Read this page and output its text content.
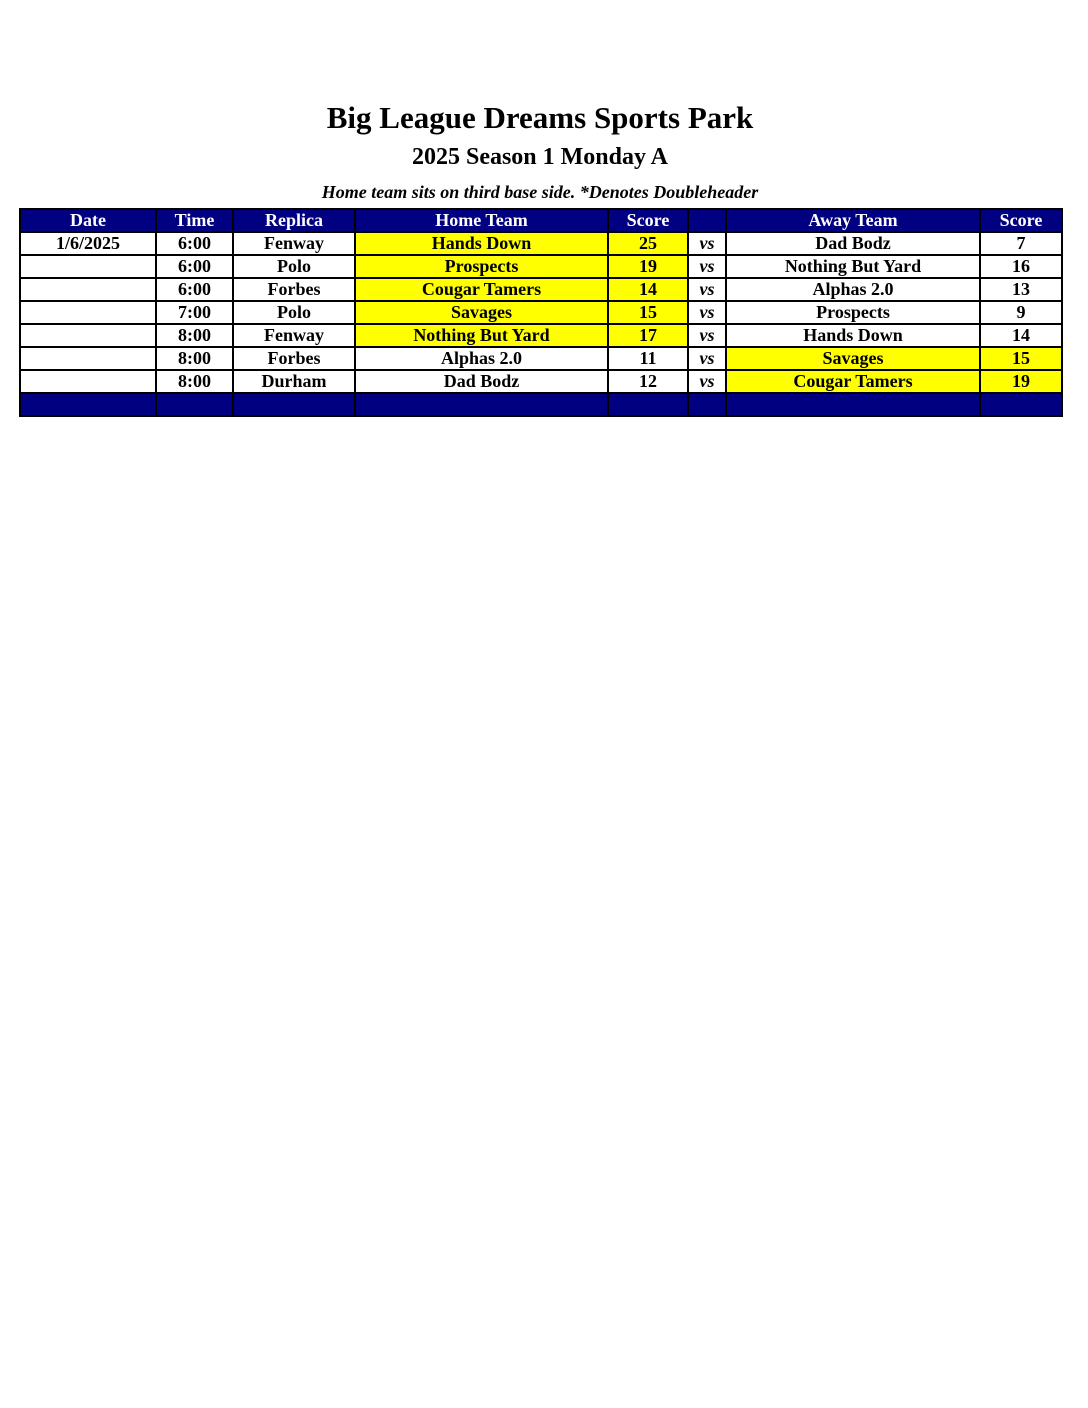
Big League Dreams Sports Park
2025 Season 1 Monday A
Home team sits on third base side. *Denotes Doubleheader
Date	Time	Replica	Home Team	Score		Away Team	Score
1/6/2025	6:00	Fenway	Hands Down	25	vs	Dad Bodz	7
	6:00	Polo	Prospects	19	vs	Nothing But Yard	16
	6:00	Forbes	Cougar Tamers	14	vs	Alphas 2.0	13
	7:00	Polo	Savages	15	vs	Prospects	9
	8:00	Fenway	Nothing But Yard	17	vs	Hands Down	14
	8:00	Forbes	Alphas 2.0	11	vs	Savages	15
	8:00	Durham	Dad Bodz	12	vs	Cougar Tamers	19
